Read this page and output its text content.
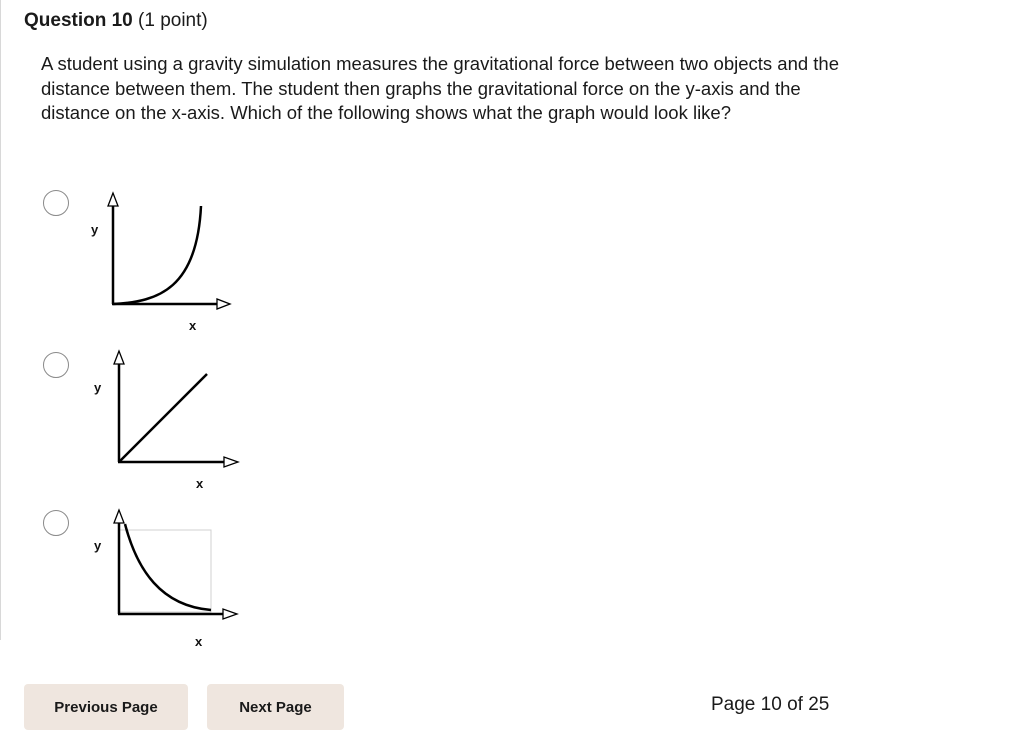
Question 10 (1 point)
A student using a gravity simulation measures the gravitational force between two objects and the distance between them. The student then graphs the gravitational force on the y-axis and the distance on the x-axis. Which of the following shows what the graph would look like?
y
x
y
x
y
x
Previous Page	Next Page	Page 10 of 25
